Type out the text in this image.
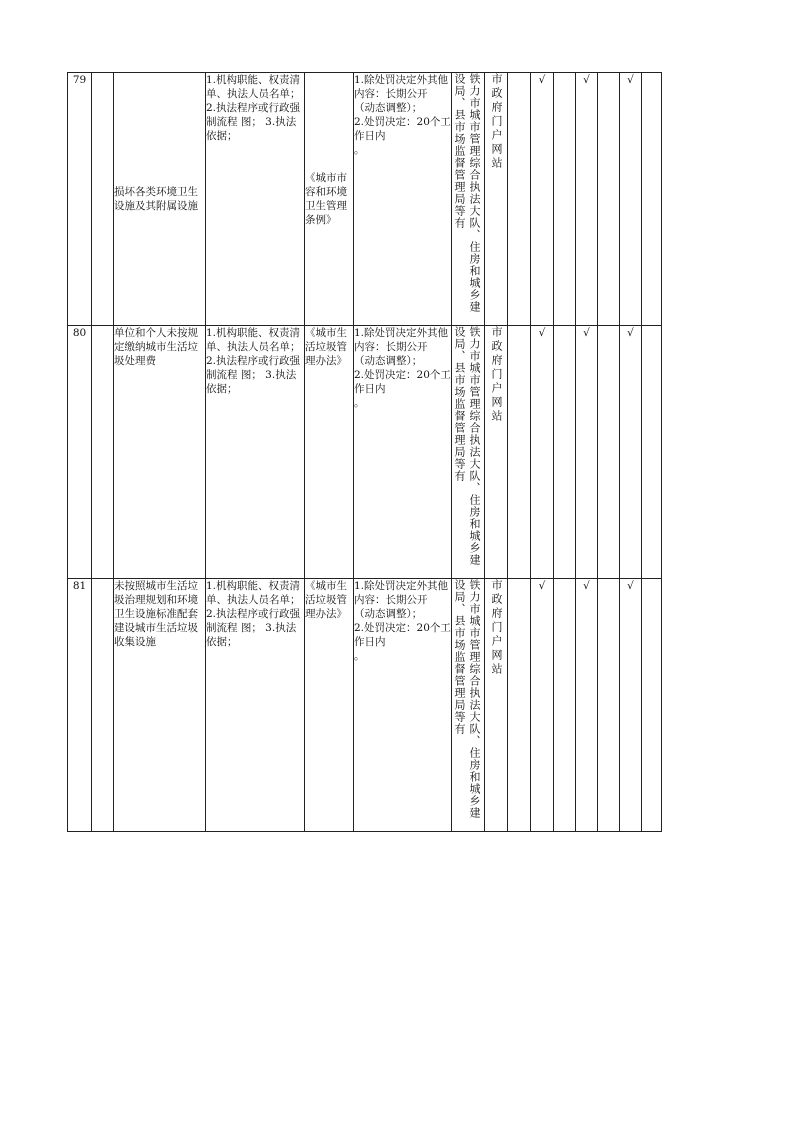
79		损坏各类环境卫生设施及其附属设施	1.机构职能、权责清单、执法人员名单； 2.执法程序或行政强制流程 图； 3.执法依据；	《城市市容和环境卫生管理条例》	1.除处罚决定外其他内容：长期公开
（动态调整）；
2.处罚决定：20个工作日内
。	铁力市城市管理综合执法大队、住房和城乡建设局、县市场监督管理局等有	市政府门户网站		√		√		√	
80		单位和个人未按规定缴纳城市生活垃圾处理费	1.机构职能、权责清单、执法人员名单； 2.执法程序或行政强制流程 图； 3.执法依据；	《城市生活垃圾管理办法》	1.除处罚决定外其他内容：长期公开
（动态调整）；
2.处罚决定：20个工作日内
。	铁力市城市管理综合执法大队、住房和城乡建设局、县市场监督管理局等有	市政府门户网站		√		√		√	
81		未按照城市生活垃圾治理规划和环境卫生设施标准配套建设城市生活垃圾收集设施	1.机构职能、权责清单、执法人员名单； 2.执法程序或行政强制流程 图； 3.执法依据；	《城市生活垃圾管理办法》	1.除处罚决定外其他内容：长期公开
（动态调整）；
2.处罚决定：20个工作日内
。	铁力市城市管理综合执法大队、住房和城乡建设局、县市场监督管理局等有	市政府门户网站		√		√		√	
